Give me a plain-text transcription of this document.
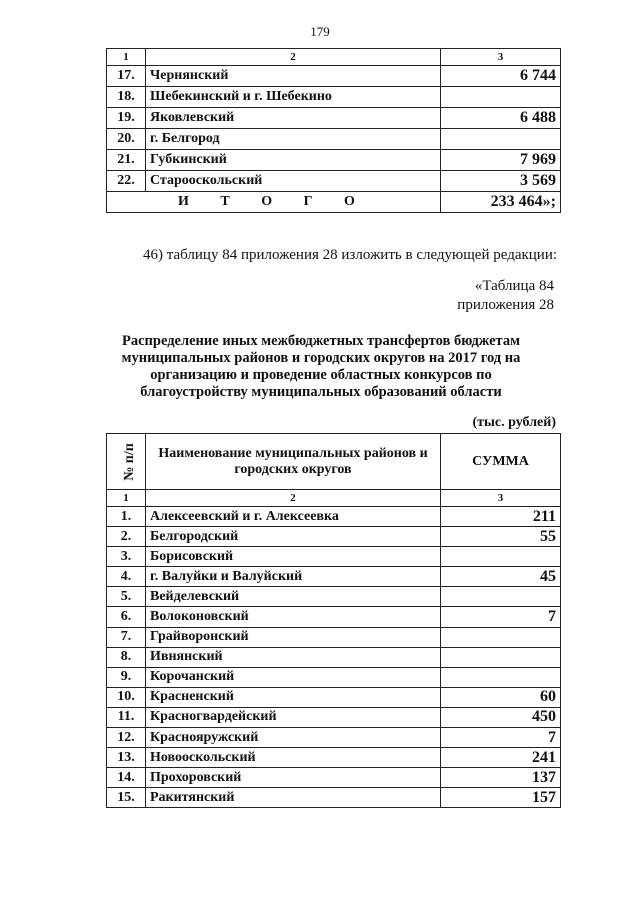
179
1	2	3
17.	Чернянский	6 744
18.	Шебекинский и г. Шебекино	
19.	Яковлевский	6 488
20.	г. Белгород	
21.	Губкинский	7 969
22.	Старооскольский	3 569
И Т О Г О		233 464»;
46) таблицу 84 приложения 28 изложить в следующей редакции:
«Таблица 84
приложения 28
Распределение иных межбюджетных трансфертов бюджетам муниципальных районов и городских округов на 2017 год на организацию и проведение областных конкурсов по благоустройству муниципальных образований области
(тыс. рублей)
№ п/п	Наименование муниципальных районов и городских округов	СУММА
1	2	3
1.	Алексеевский и г. Алексеевка	211
2.	Белгородский	55
3.	Борисовский	
4.	г. Валуйки и Валуйский	45
5.	Вейделевский	
6.	Волоконовский	7
7.	Грайворонский	
8.	Ивнянский	
9.	Корочанский	
10.	Красненский	60
11.	Красногвардейский	450
12.	Краснояружский	7
13.	Новооскольский	241
14.	Прохоровский	137
15.	Ракитянский	157
